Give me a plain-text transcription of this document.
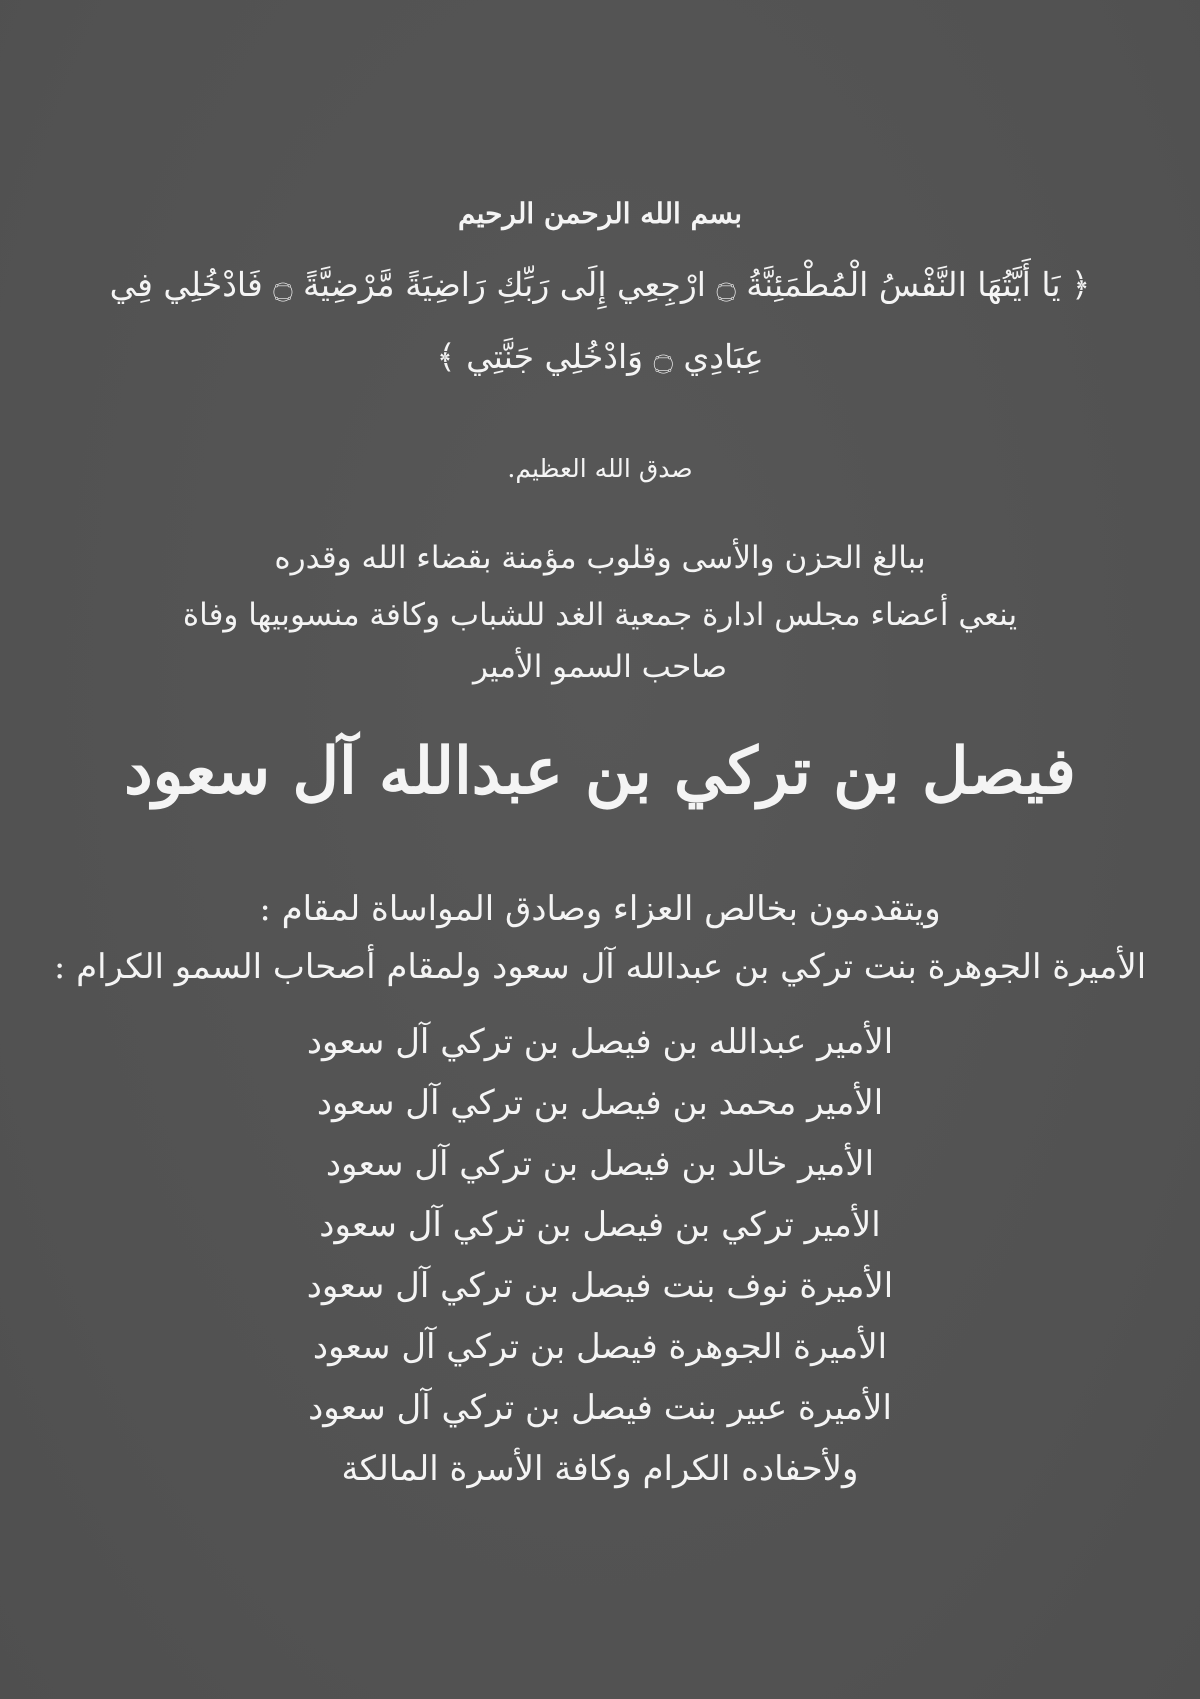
بسم الله الرحمن الرحيم
﴿ يَا أَيَّتُهَا النَّفْسُ الْمُطْمَئِنَّةُ ۝ ارْجِعِي إِلَى رَبِّكِ رَاضِيَةً مَّرْضِيَّةً ۝ فَادْخُلِي فِي
عِبَادِي ۝ وَادْخُلِي جَنَّتِي ﴾
صدق الله العظيم.
ببالغ الحزن والأسى وقلوب مؤمنة بقضاء الله وقدره
ينعي أعضاء مجلس ادارة جمعية الغد للشباب وكافة منسوبيها وفاة
صاحب السمو الأمير
فيصل بن تركي بن عبدالله آل سعود
ويتقدمون بخالص العزاء وصادق المواساة لمقام :
الأميرة الجوهرة بنت تركي بن عبدالله آل سعود ولمقام أصحاب السمو الكرام :
الأمير عبدالله بن فيصل بن تركي آل سعود
الأمير محمد بن فيصل بن تركي آل سعود
الأمير خالد بن فيصل بن تركي آل سعود
الأمير تركي بن فيصل بن تركي آل سعود
الأميرة نوف بنت فيصل بن تركي آل سعود
الأميرة الجوهرة فيصل بن تركي آل سعود
الأميرة عبير بنت فيصل بن تركي آل سعود
ولأحفاده الكرام وكافة الأسرة المالكة
